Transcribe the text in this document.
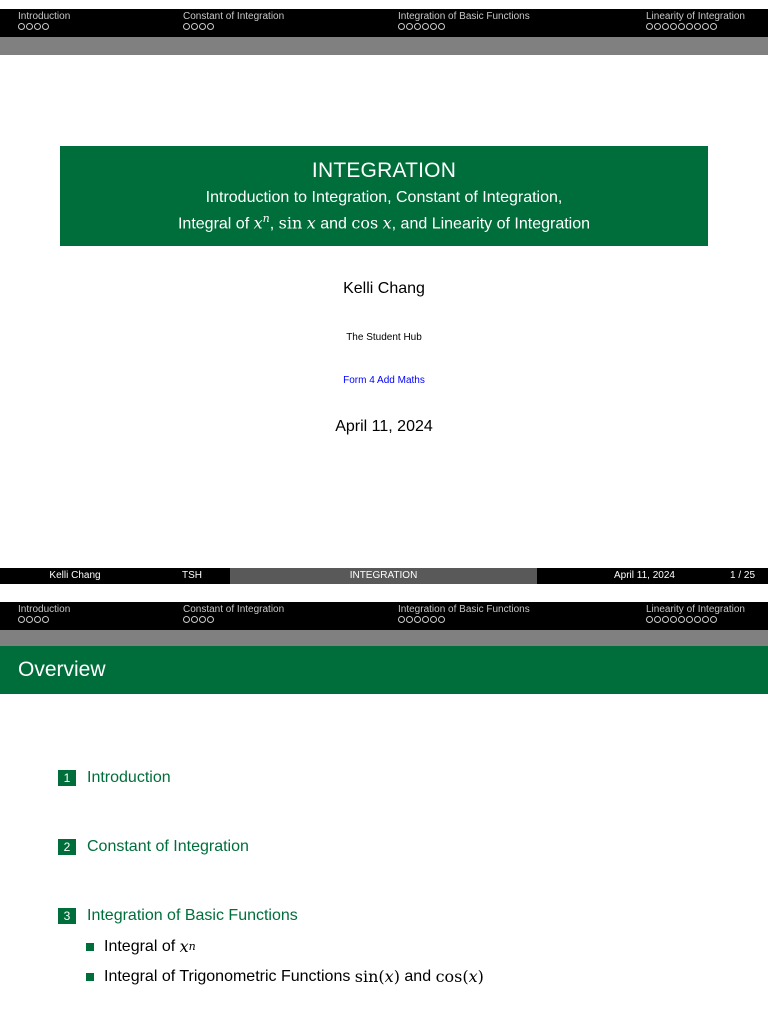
Introduction	Constant of Integration	Integration of Basic Functions	Linearity of Integration
INTEGRATION
Introduction to Integration, Constant of Integration,
Integral of $x^n$, sin x and cos x, and Linearity of Integration
Kelli Chang
The Student Hub
Form 4 Add Maths
April 11, 2024
Kelli Chang	TSH	INTEGRATION	April 11, 2024	1 / 25
Introduction	Constant of Integration	Integration of Basic Functions	Linearity of Integration
Overview
1	Introduction
2	Constant of Integration
3	Integration of Basic Functions
Integral of
x n
Integral of Trigonometric Functions
sin( x )
and
cos( x )
